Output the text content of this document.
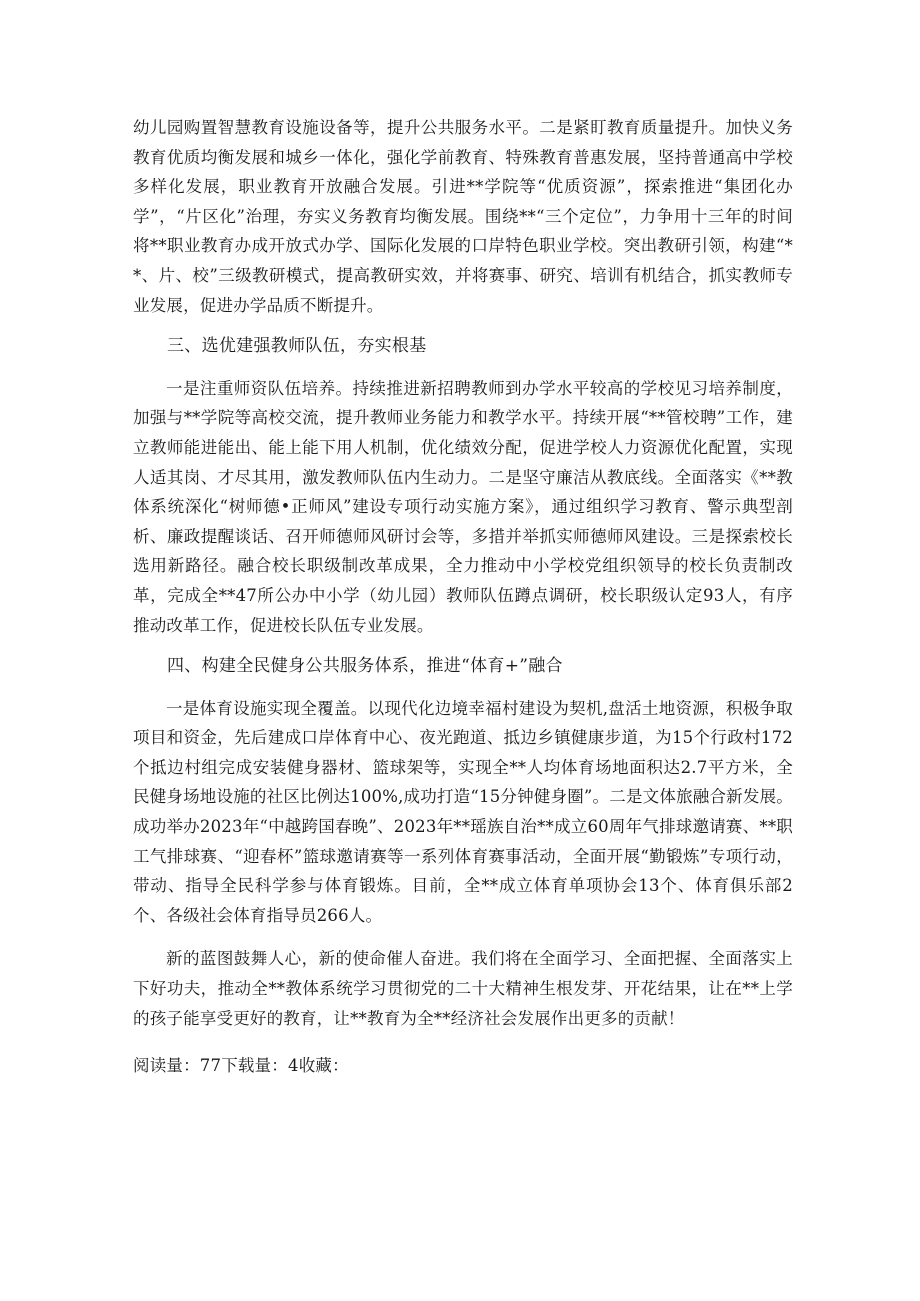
幼儿园购置智慧教育设施设备等，提升公共服务水平。二是紧盯教育质量提升。加快义务教育优质均衡发展和城乡一体化，强化学前教育、特殊教育普惠发展，坚持普通高中学校多样化发展，职业教育开放融合发展。引进**学院等“优质资源”，探索推进“集团化办学”，“片区化”治理，夯实义务教育均衡发展。围绕**“三个定位”，力争用十三年的时间将**职业教育办成开放式办学、国际化发展的口岸特色职业学校。突出教研引领，构建“**、片、校”三级教研模式，提高教研实效，并将赛事、研究、培训有机结合，抓实教师专业发展，促进办学品质不断提升。

三、选优建强教师队伍，夯实根基

一是注重师资队伍培养。持续推进新招聘教师到办学水平较高的学校见习培养制度，加强与**学院等高校交流，提升教师业务能力和教学水平。持续开展“**管校聘”工作，建立教师能进能出、能上能下用人机制，优化绩效分配，促进学校人力资源优化配置，实现人适其岗、才尽其用，激发教师队伍内生动力。二是坚守廉洁从教底线。全面落实《**教体系统深化“树师德•正师风”建设专项行动实施方案》，通过组织学习教育、警示典型剖析、廉政提醒谈话、召开师德师风研讨会等，多措并举抓实师德师风建设。三是探索校长选用新路径。融合校长职级制改革成果，全力推动中小学校党组织领导的校长负责制改革，完成全**47所公办中小学（幼儿园）教师队伍蹲点调研，校长职级认定93人，有序推动改革工作，促进校长队伍专业发展。

四、构建全民健身公共服务体系，推进“体育+”融合

一是体育设施实现全覆盖。以现代化边境幸福村建设为契机,盘活土地资源，积极争取项目和资金，先后建成口岸体育中心、夜光跑道、抵边乡镇健康步道，为15个行政村172个抵边村组完成安装健身器材、篮球架等，实现全**人均体育场地面积达2.7平方米，全民健身场地设施的社区比例达100%,成功打造“15分钟健身圈”。二是文体旅融合新发展。成功举办2023年“中越跨国春晚”、2023年**瑶族自治**成立60周年气排球邀请赛、**职工气排球赛、“迎春杯”篮球邀请赛等一系列体育赛事活动，全面开展“勤锻炼”专项行动，带动、指导全民科学参与体育锻炼。目前，全**成立体育单项协会13个、体育俱乐部2个、各级社会体育指导员266人。

新的蓝图鼓舞人心，新的使命催人奋进。我们将在全面学习、全面把握、全面落实上下好功夫，推动全**教体系统学习贯彻党的二十大精神生根发芽、开花结果，让在**上学的孩子能享受更好的教育，让**教育为全**经济社会发展作出更多的贡献！

阅读量：77下载量：4收藏：
